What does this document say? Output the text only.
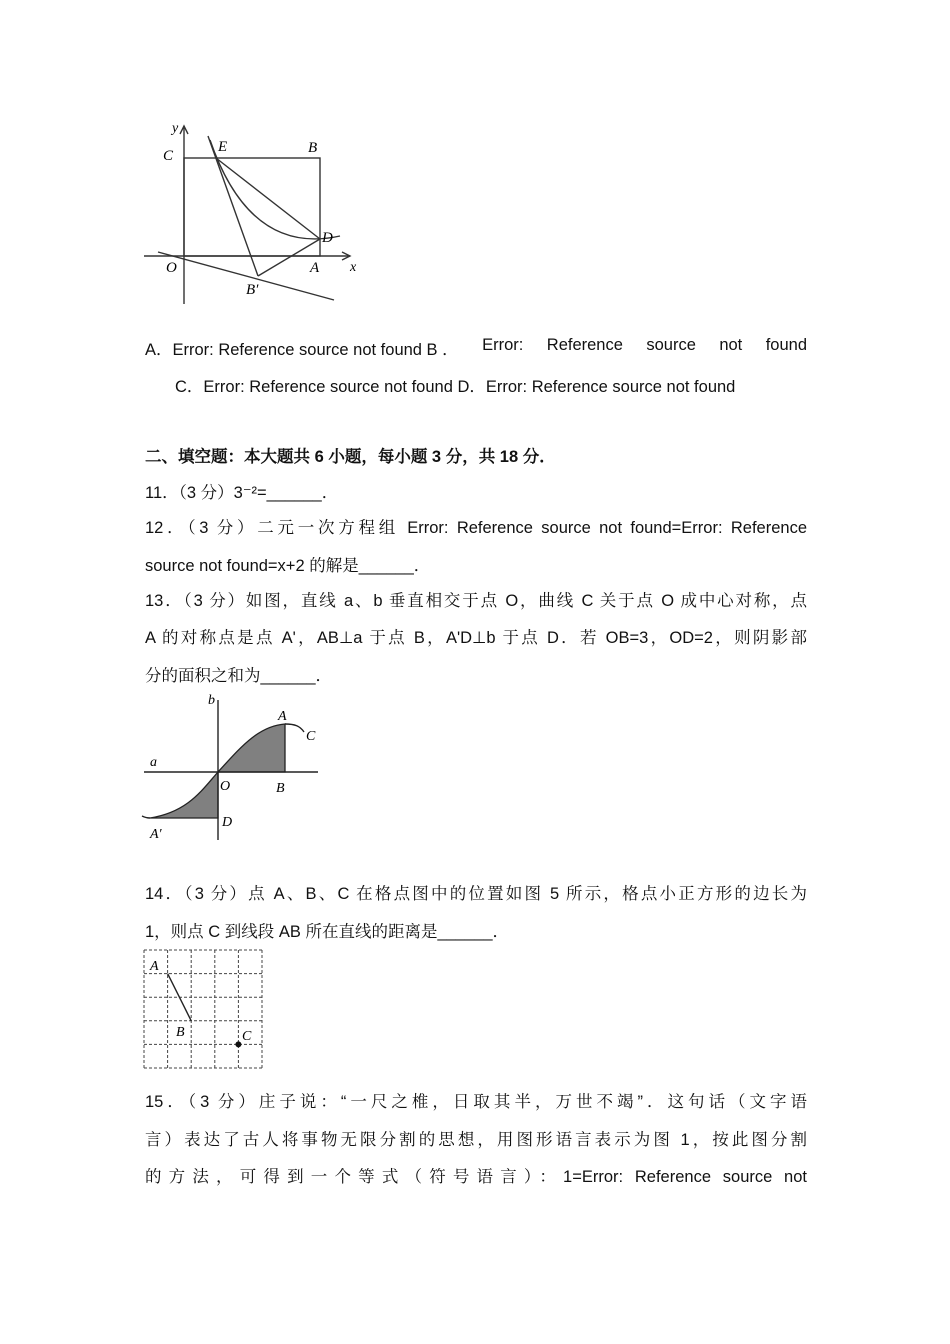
y
x
C
E	B
O
D
A
B′
A．Error: Reference source not found B ． Error: Reference source not found
C．Error: Reference source not found D．Error: Reference source not found
二、填空题：本大题共 6 小题，每小题 3 分，共 18 分．
11．（3 分）3⁻²=______．
12．（3 分）二元一次方程组 Error: Reference source not found=Error: Reference
source not found=x+2 的解是______．
13．（3 分）如图，直线 a、b 垂直相交于点 O，曲线 C 关于点 O 成中心对称，点
A 的对称点是点 A'，AB⊥a 于点 B，A'D⊥b 于点 D．若 OB=3，OD=2，则阴影部
分的面积之和为______．
b
a
A
C
O	B
A′
D
14．（3 分）点 A、B、C 在格点图中的位置如图 5 所示，格点小正方形的边长为
1，则点 C 到线段 AB 所在直线的距离是______．
A
B	C
15．（3 分）庄子说：“一尺之椎，日取其半，万世不竭”．这句话（文字语
言）表达了古人将事物无限分割的思想，用图形语言表示为图 1，按此图分割
的方法，可得到一个等式（符号语言）：1=Error: Reference source not
